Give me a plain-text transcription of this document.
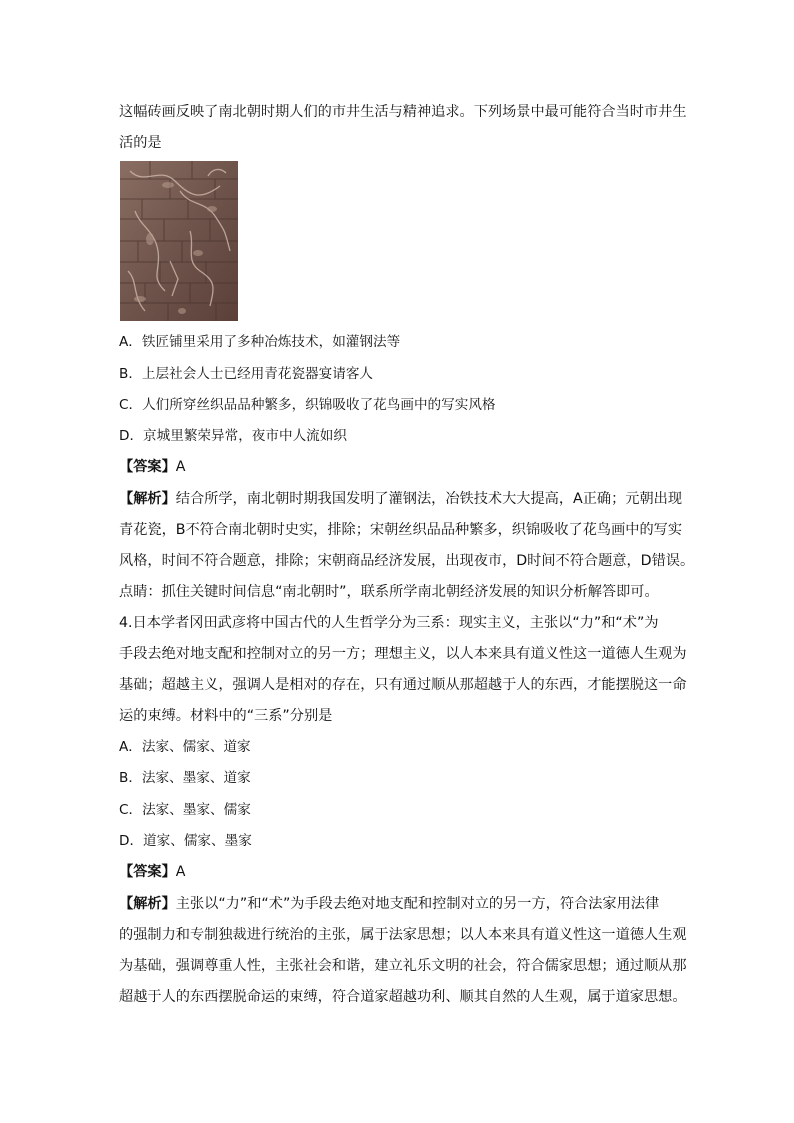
这幅砖画反映了南北朝时期人们的市井生活与精神追求。下列场景中最可能符合当时市井生
活的是
A．铁匠铺里采用了多种冶炼技术，如灌钢法等
B．上层社会人士已经用青花瓷器宴请客人
C．人们所穿丝织品品种繁多，织锦吸收了花鸟画中的写实风格
D．京城里繁荣异常，夜市中人流如织
【答案】A
【解析】结合所学，南北朝时期我国发明了灌钢法，冶铁技术大大提高，A正确；元朝出现
青花瓷，B不符合南北朝时史实，排除；宋朝丝织品品种繁多，织锦吸收了花鸟画中的写实
风格，时间不符合题意，排除；宋朝商品经济发展，出现夜市，D时间不符合题意，D错误。
点睛：抓住关键时间信息“南北朝时”，联系所学南北朝经济发展的知识分析解答即可。
4.日本学者冈田武彦将中国古代的人生哲学分为三系：现实主义，主张以“力”和“术”为
手段去绝对地支配和控制对立的另一方；理想主义，以人本来具有道义性这一道德人生观为
基础；超越主义，强调人是相对的存在，只有通过顺从那超越于人的东西，才能摆脱这一命
运的束缚。材料中的“三系”分别是
A．法家、儒家、道家
B．法家、墨家、道家
C．法家、墨家、儒家
D．道家、儒家、墨家
【答案】A
【解析】主张以“力”和“术”为手段去绝对地支配和控制对立的另一方，符合法家用法律
的强制力和专制独裁进行统治的主张，属于法家思想；以人本来具有道义性这一道德人生观
为基础，强调尊重人性，主张社会和谐，建立礼乐文明的社会，符合儒家思想；通过顺从那
超越于人的东西摆脱命运的束缚，符合道家超越功利、顺其自然的人生观，属于道家思想。
